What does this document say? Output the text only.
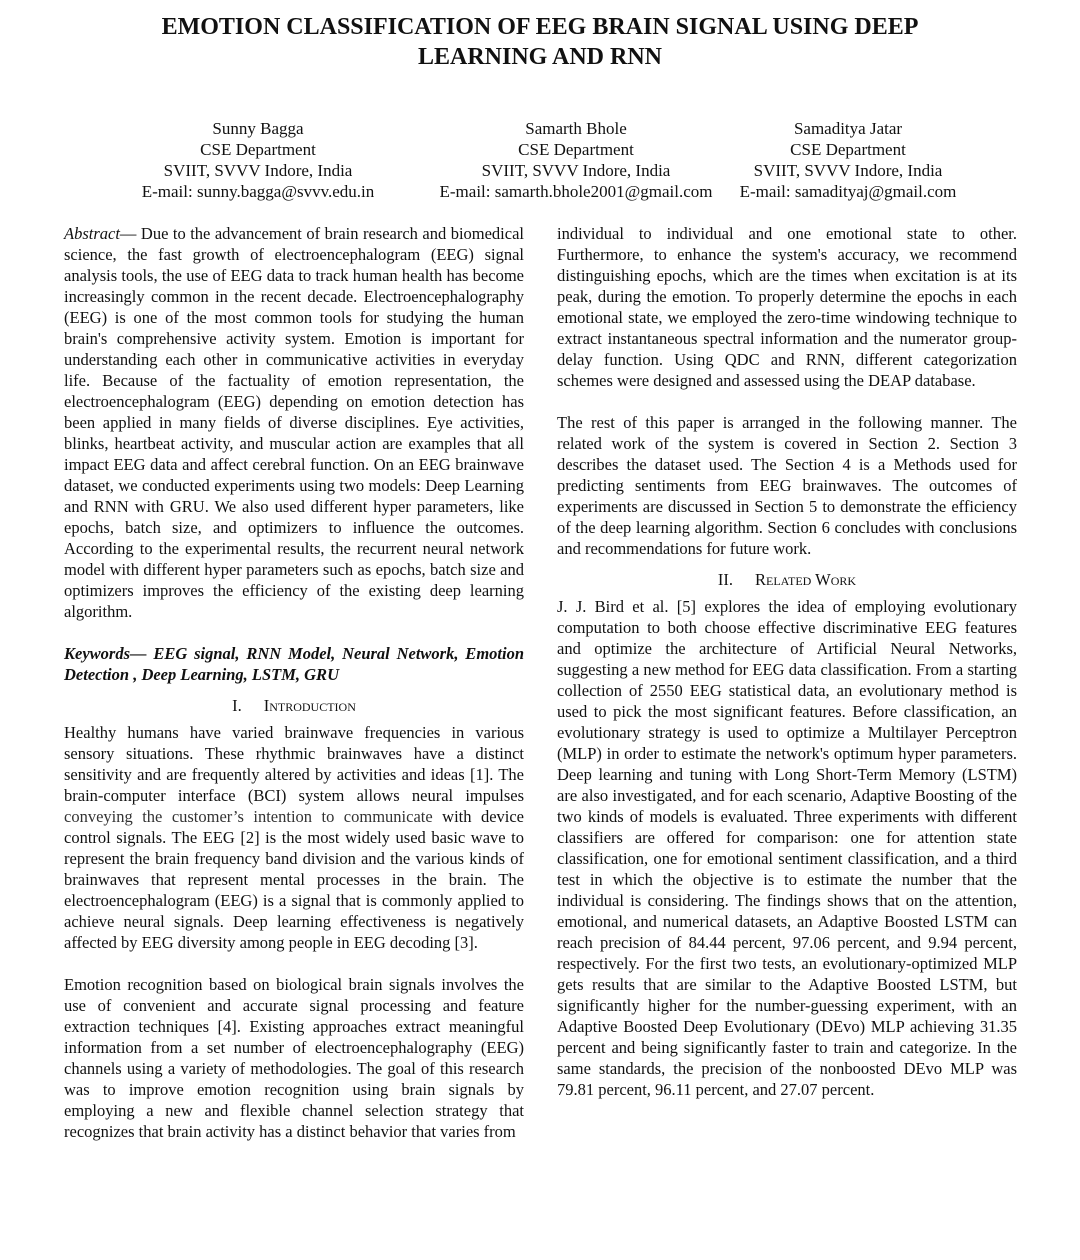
EMOTION CLASSIFICATION OF EEG BRAIN SIGNAL USING DEEP
LEARNING AND RNN
Sunny Bagga
CSE Department
SVIIT, SVVV Indore, India
E-mail: sunny.bagga@svvv.edu.in
Samarth Bhole
CSE Department
SVIIT, SVVV Indore, India
E-mail: samarth.bhole2001@gmail.com
Samaditya Jatar
CSE Department
SVIIT, SVVV Indore, India
E-mail: samadityaj@gmail.com

Abstract— Due to the advancement of brain research and biomedical science, the fast growth of electroencephalogram (EEG) signal analysis tools, the use of EEG data to track human health has become increasingly common in the recent decade. Electroencephalography (EEG) is one of the most common tools for studying the human brain's comprehensive activity system. Emotion is important for understanding each other in communicative activities in everyday life. Because of the factuality of emotion representation, the electroencephalogram (EEG) depending on emotion detection has been applied in many fields of diverse disciplines. Eye activities, blinks, heartbeat activity, and muscular action are examples that all impact EEG data and affect cerebral function. On an EEG brainwave dataset, we conducted experiments using two models: Deep Learning and RNN with GRU. We also used different hyper parameters, like epochs, batch size, and optimizers to influence the outcomes. According to the experimental results, the recurrent neural network model with different hyper parameters such as epochs, batch size and optimizers improves the efficiency of the existing deep learning algorithm.

Keywords— EEG signal, RNN Model, Neural Network, Emotion Detection , Deep Learning, LSTM, GRU

I. Introduction

Healthy humans have varied brainwave frequencies in various sensory situations. These rhythmic brainwaves have a distinct sensitivity and are frequently altered by activities and ideas [1]. The brain-computer interface (BCI) system allows neural impulses conveying the customer’s intention to communicate with device control signals. The EEG [2] is the most widely used basic wave to represent the brain frequency band division and the various kinds of brainwaves that represent mental processes in the brain. The electroencephalogram (EEG) is a signal that is commonly applied to achieve neural signals. Deep learning effectiveness is negatively affected by EEG diversity among people in EEG decoding [3].

Emotion recognition based on biological brain signals involves the use of convenient and accurate signal processing and feature extraction techniques [4]. Existing approaches extract meaningful information from a set number of electroencephalography (EEG) channels using a variety of methodologies. The goal of this research was to improve emotion recognition using brain signals by employing a new and flexible channel selection strategy that recognizes that brain activity has a distinct behavior that varies from

individual to individual and one emotional state to other. Furthermore, to enhance the system's accuracy, we recommend distinguishing epochs, which are the times when excitation is at its peak, during the emotion. To properly determine the epochs in each emotional state, we employed the zero-time windowing technique to extract instantaneous spectral information and the numerator group-delay function. Using QDC and RNN, different categorization schemes were designed and assessed using the DEAP database.

The rest of this paper is arranged in the following manner. The related work of the system is covered in Section 2. Section 3 describes the dataset used. The Section 4 is a Methods used for predicting sentiments from EEG brainwaves. The outcomes of experiments are discussed in Section 5 to demonstrate the efficiency of the deep learning algorithm. Section 6 concludes with conclusions and recommendations for future work.

II. Related Work

J. J. Bird et al. [5] explores the idea of employing evolutionary computation to both choose effective discriminative EEG features and optimize the architecture of Artificial Neural Networks, suggesting a new method for EEG data classification. From a starting collection of 2550 EEG statistical data, an evolutionary method is used to pick the most significant features. Before classification, an evolutionary strategy is used to optimize a Multilayer Perceptron (MLP) in order to estimate the network's optimum hyper parameters. Deep learning and tuning with Long Short-Term Memory (LSTM) are also investigated, and for each scenario, Adaptive Boosting of the two kinds of models is evaluated. Three experiments with different classifiers are offered for comparison: one for attention state classification, one for emotional sentiment classification, and a third test in which the objective is to estimate the number that the individual is considering. The findings shows that on the attention, emotional, and numerical datasets, an Adaptive Boosted LSTM can reach precision of 84.44 percent, 97.06 percent, and 9.94 percent, respectively. For the first two tests, an evolutionary-optimized MLP gets results that are similar to the Adaptive Boosted LSTM, but significantly higher for the number-guessing experiment, with an Adaptive Boosted Deep Evolutionary (DEvo) MLP achieving 31.35 percent and being significantly faster to train and categorize. In the same standards, the precision of the nonboosted DEvo MLP was 79.81 percent, 96.11 percent, and 27.07 percent.
